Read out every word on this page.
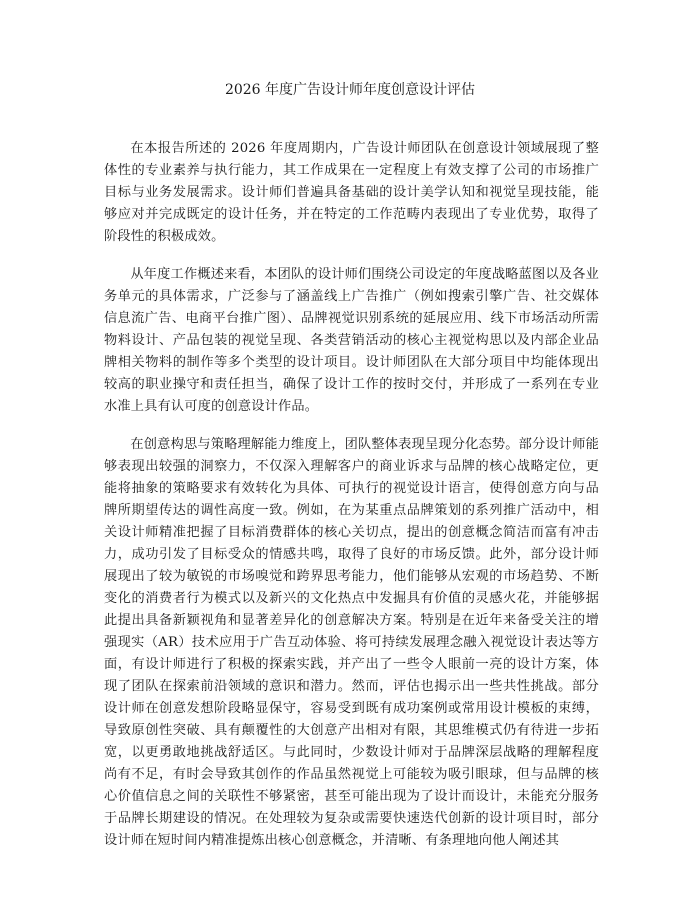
2026 年度广告设计师年度创意设计评估

在本报告所述的 2026 年度周期内，广告设计师团队在创意设计领域展现了整体性的专业素养与执行能力，其工作成果在一定程度上有效支撑了公司的市场推广目标与业务发展需求。设计师们普遍具备基础的设计美学认知和视觉呈现技能，能够应对并完成既定的设计任务，并在特定的工作范畴内表现出了专业优势，取得了阶段性的积极成效。

从年度工作概述来看，本团队的设计师们围绕公司设定的年度战略蓝图以及各业务单元的具体需求，广泛参与了涵盖线上广告推广（例如搜索引擎广告、社交媒体信息流广告、电商平台推广图）、品牌视觉识别系统的延展应用、线下市场活动所需物料设计、产品包装的视觉呈现、各类营销活动的核心主视觉构思以及内部企业品牌相关物料的制作等多个类型的设计项目。设计师团队在大部分项目中均能体现出较高的职业操守和责任担当，确保了设计工作的按时交付，并形成了一系列在专业水准上具有认可度的创意设计作品。

在创意构思与策略理解能力维度上，团队整体表现呈现分化态势。部分设计师能够表现出较强的洞察力，不仅深入理解客户的商业诉求与品牌的核心战略定位，更能将抽象的策略要求有效转化为具体、可执行的视觉设计语言，使得创意方向与品牌所期望传达的调性高度一致。例如，在为某重点品牌策划的系列推广活动中，相关设计师精准把握了目标消费群体的核心关切点，提出的创意概念简洁而富有冲击力，成功引发了目标受众的情感共鸣，取得了良好的市场反馈。此外，部分设计师展现出了较为敏锐的市场嗅觉和跨界思考能力，他们能够从宏观的市场趋势、不断变化的消费者行为模式以及新兴的文化热点中发掘具有价值的灵感火花，并能够据此提出具备新颖视角和显著差异化的创意解决方案。特别是在近年来备受关注的增强现实（AR）技术应用于广告互动体验、将可持续发展理念融入视觉设计表达等方面，有设计师进行了积极的探索实践，并产出了一些令人眼前一亮的设计方案，体现了团队在探索前沿领域的意识和潜力。然而，评估也揭示出一些共性挑战。部分设计师在创意发想阶段略显保守，容易受到既有成功案例或常用设计模板的束缚，导致原创性突破、具有颠覆性的大创意产出相对有限，其思维模式仍有待进一步拓宽，以更勇敢地挑战舒适区。与此同时，少数设计师对于品牌深层战略的理解程度尚有不足，有时会导致其创作的作品虽然视觉上可能较为吸引眼球，但与品牌的核心价值信息之间的关联性不够紧密，甚至可能出现为了设计而设计，未能充分服务于品牌长期建设的情况。在处理较为复杂或需要快速迭代创新的设计项目时，部分设计师在短时间内精准提炼出核心创意概念，并清晰、有条理地向他人阐述其
